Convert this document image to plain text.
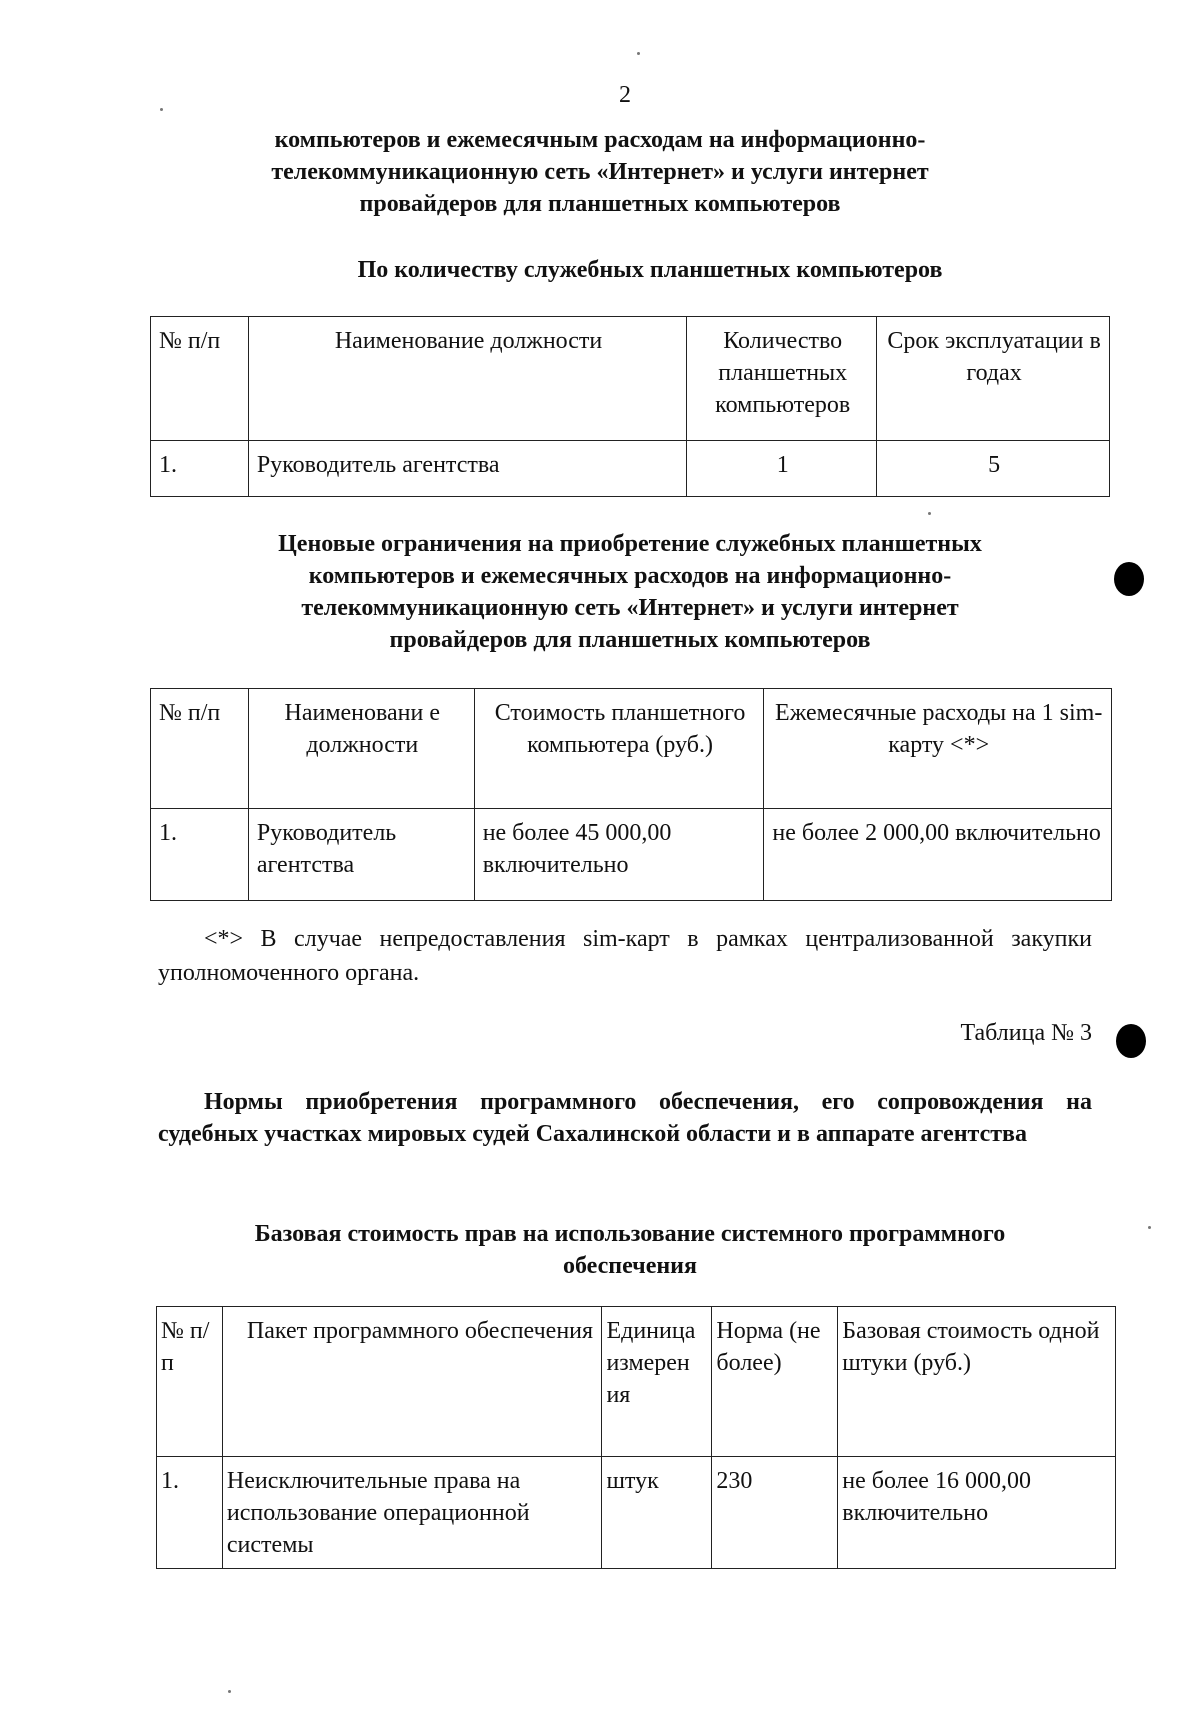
2
компьютеров и ежемесячным расходам на информационно-
телекоммуникационную сеть «Интернет» и услуги интернет
провайдеров для планшетных компьютеров
По количеству служебных планшетных компьютеров
№ п/п	Наименование должности	Количество планшетных компьютеров	Срок эксплуатации в годах
1.	Руководитель агентства	1	5
Ценовые ограничения на приобретение служебных планшетных
компьютеров и ежемесячных расходов на информационно-
телекоммуникационную сеть «Интернет» и услуги интернет
провайдеров для планшетных компьютеров
№ п/п	Наименовани е должности	Стоимость планшетного компьютера (руб.)	Ежемесячные расходы на 1 sim-карту <*>
1.	Руководитель агентства	не более 45 000,00 включительно	не более 2 000,00 включительно
<*> В случае непредоставления sim-карт в рамках централизованной закупки уполномоченного органа.
Таблица № 3
Нормы приобретения программного обеспечения, его сопровождения на судебных участках мировых судей Сахалинской области и в аппарате агентства
Базовая стоимость прав на использование системного программного
обеспечения
№ п/п	Пакет программного обеспечения	Единица измерен ия	Норма (не более)	Базовая стоимость одной штуки (руб.)
1.	Неисключительные права на использование операционной системы	штук	230	не более 16 000,00 включительно
